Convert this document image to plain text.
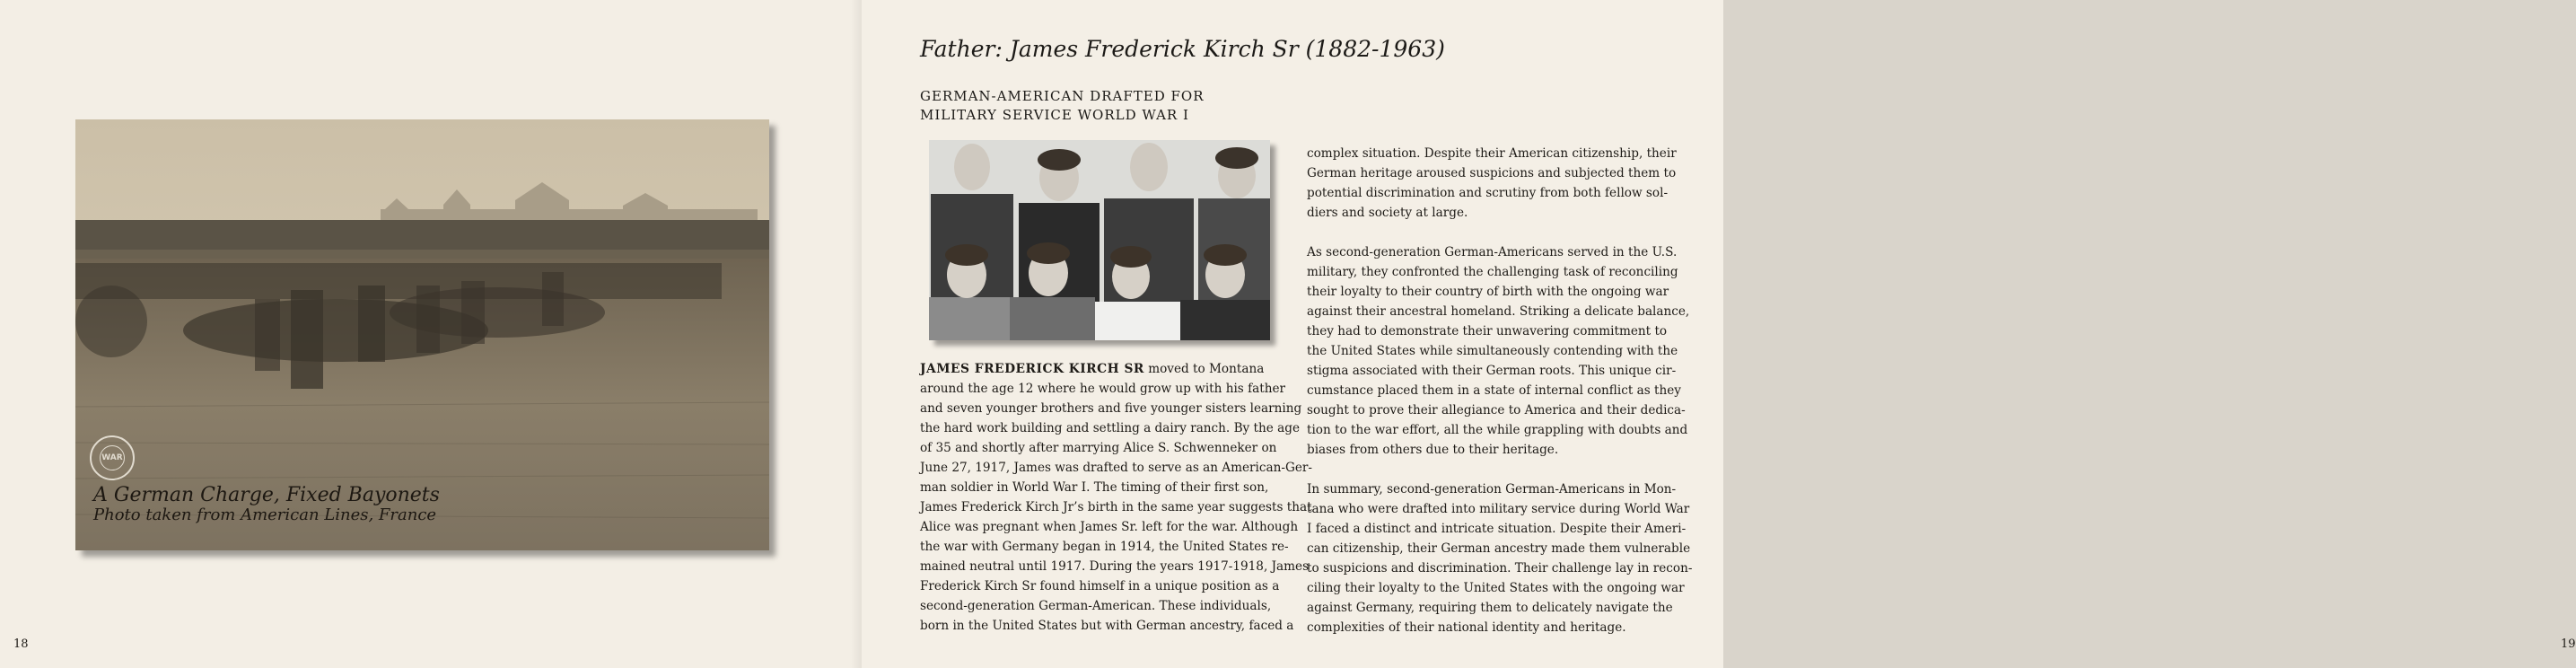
WAR
A German Charge, Fixed Bayonets
Photo taken from American Lines, France
18
Father: James Frederick Kirch Sr (1882-1963)
GERMAN-AMERICAN DRAFTED FOR
MILITARY SERVICE WORLD WAR I
JAMES FREDERICK KIRCH SR moved to Montana
around the age 12 where he would grow up with his father
and seven younger brothers and five younger sisters learning
the hard work building and settling a dairy ranch. By the age
of 35 and shortly after marrying Alice S. Schwenneker on
June 27, 1917, James was drafted to serve as an American-Ger-
man soldier in World War I. The timing of their first son,
James Frederick Kirch Jr’s birth in the same year suggests that
Alice was pregnant when James Sr. left for the war. Although
the war with Germany began in 1914, the United States re-
mained neutral until 1917. During the years 1917-1918, James
Frederick Kirch Sr found himself in a unique position as a
second-generation German-American. These individuals,
born in the United States but with German ancestry, faced a
complex situation. Despite their American citizenship, their
German heritage aroused suspicions and subjected them to
potential discrimination and scrutiny from both fellow sol-
diers and society at large.
As second-generation German-Americans served in the U.S.
military, they confronted the challenging task of reconciling
their loyalty to their country of birth with the ongoing war
against their ancestral homeland. Striking a delicate balance,
they had to demonstrate their unwavering commitment to
the United States while simultaneously contending with the
stigma associated with their German roots. This unique cir-
cumstance placed them in a state of internal conflict as they
sought to prove their allegiance to America and their dedica-
tion to the war effort, all the while grappling with doubts and
biases from others due to their heritage.
In summary, second-generation German-Americans in Mon-
tana who were drafted into military service during World War
I faced a distinct and intricate situation. Despite their Ameri-
can citizenship, their German ancestry made them vulnerable
to suspicions and discrimination. Their challenge lay in recon-
ciling their loyalty to the United States with the ongoing war
against Germany, requiring them to delicately navigate the
complexities of their national identity and heritage.
19
